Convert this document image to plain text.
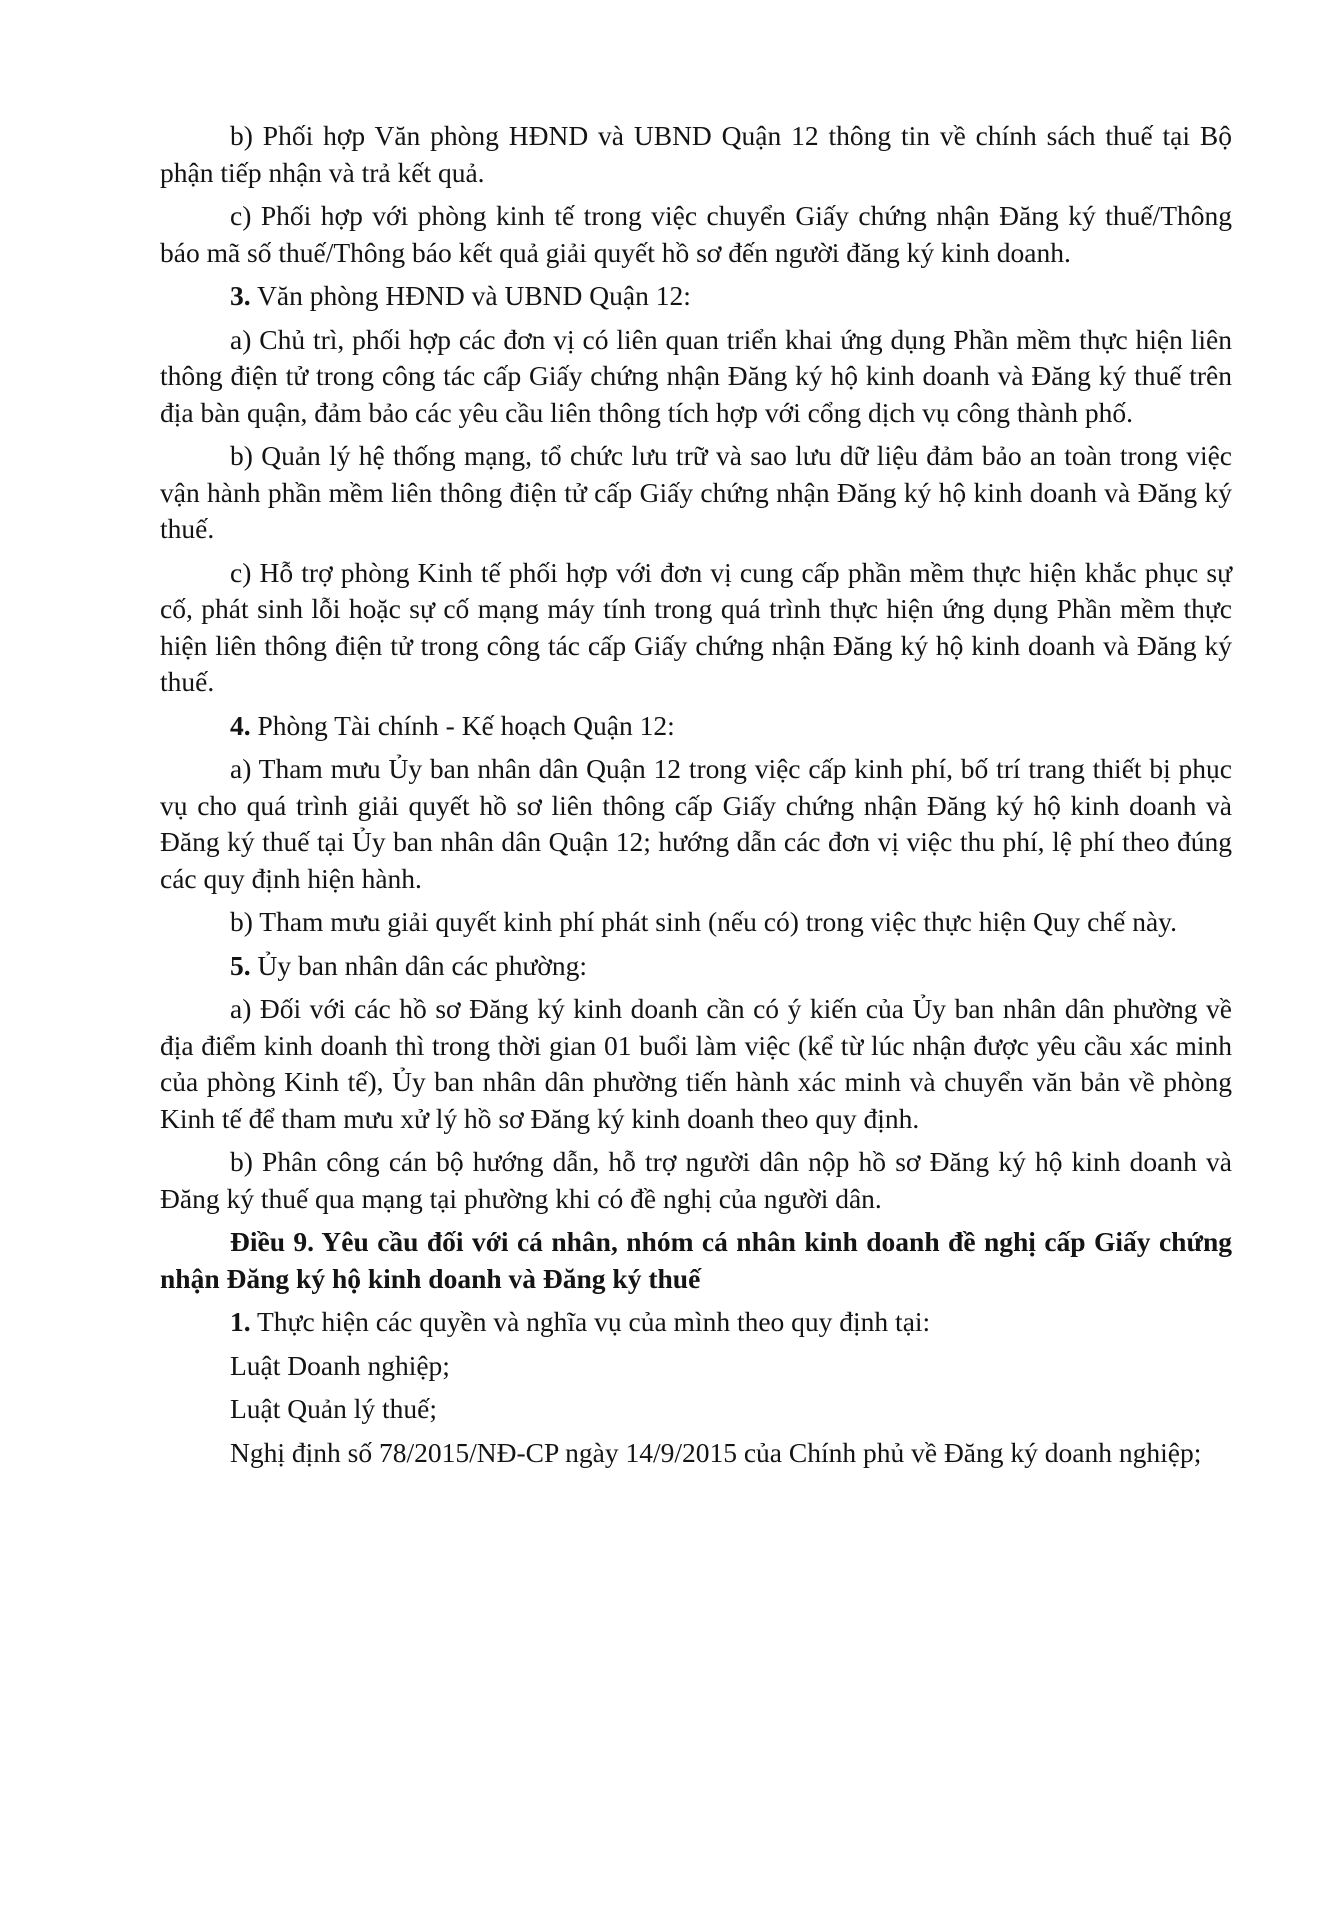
b) Phối hợp Văn phòng HĐND và UBND Quận 12 thông tin về chính sách thuế tại Bộ phận tiếp nhận và trả kết quả.

c) Phối hợp với phòng kinh tế trong việc chuyển Giấy chứng nhận Đăng ký thuế/Thông báo mã số thuế/Thông báo kết quả giải quyết hồ sơ đến người đăng ký kinh doanh.

3. Văn phòng HĐND và UBND Quận 12:

a) Chủ trì, phối hợp các đơn vị có liên quan triển khai ứng dụng Phần mềm thực hiện liên thông điện tử trong công tác cấp Giấy chứng nhận Đăng ký hộ kinh doanh và Đăng ký thuế trên địa bàn quận, đảm bảo các yêu cầu liên thông tích hợp với cổng dịch vụ công thành phố.

b) Quản lý hệ thống mạng, tổ chức lưu trữ và sao lưu dữ liệu đảm bảo an toàn trong việc vận hành phần mềm liên thông điện tử cấp Giấy chứng nhận Đăng ký hộ kinh doanh và Đăng ký thuế.

c) Hỗ trợ phòng Kinh tế phối hợp với đơn vị cung cấp phần mềm thực hiện khắc phục sự cố, phát sinh lỗi hoặc sự cố mạng máy tính trong quá trình thực hiện ứng dụng Phần mềm thực hiện liên thông điện tử trong công tác cấp Giấy chứng nhận Đăng ký hộ kinh doanh và Đăng ký thuế.

4. Phòng Tài chính - Kế hoạch Quận 12:

a) Tham mưu Ủy ban nhân dân Quận 12 trong việc cấp kinh phí, bố trí trang thiết bị phục vụ cho quá trình giải quyết hồ sơ liên thông cấp Giấy chứng nhận Đăng ký hộ kinh doanh và Đăng ký thuế tại Ủy ban nhân dân Quận 12; hướng dẫn các đơn vị việc thu phí, lệ phí theo đúng các quy định hiện hành.

b) Tham mưu giải quyết kinh phí phát sinh (nếu có) trong việc thực hiện Quy chế này.

5. Ủy ban nhân dân các phường:

a) Đối với các hồ sơ Đăng ký kinh doanh cần có ý kiến của Ủy ban nhân dân phường về địa điểm kinh doanh thì trong thời gian 01 buổi làm việc (kể từ lúc nhận được yêu cầu xác minh của phòng Kinh tế), Ủy ban nhân dân phường tiến hành xác minh và chuyển văn bản về phòng Kinh tế để tham mưu xử lý hồ sơ Đăng ký kinh doanh theo quy định.

b) Phân công cán bộ hướng dẫn, hỗ trợ người dân nộp hồ sơ Đăng ký hộ kinh doanh và Đăng ký thuế qua mạng tại phường khi có đề nghị của người dân.

Điều 9. Yêu cầu đối với cá nhân, nhóm cá nhân kinh doanh đề nghị cấp Giấy chứng nhận Đăng ký hộ kinh doanh và Đăng ký thuế

1. Thực hiện các quyền và nghĩa vụ của mình theo quy định tại:

Luật Doanh nghiệp;

Luật Quản lý thuế;

Nghị định số 78/2015/NĐ-CP ngày 14/9/2015 của Chính phủ về Đăng ký doanh nghiệp;
